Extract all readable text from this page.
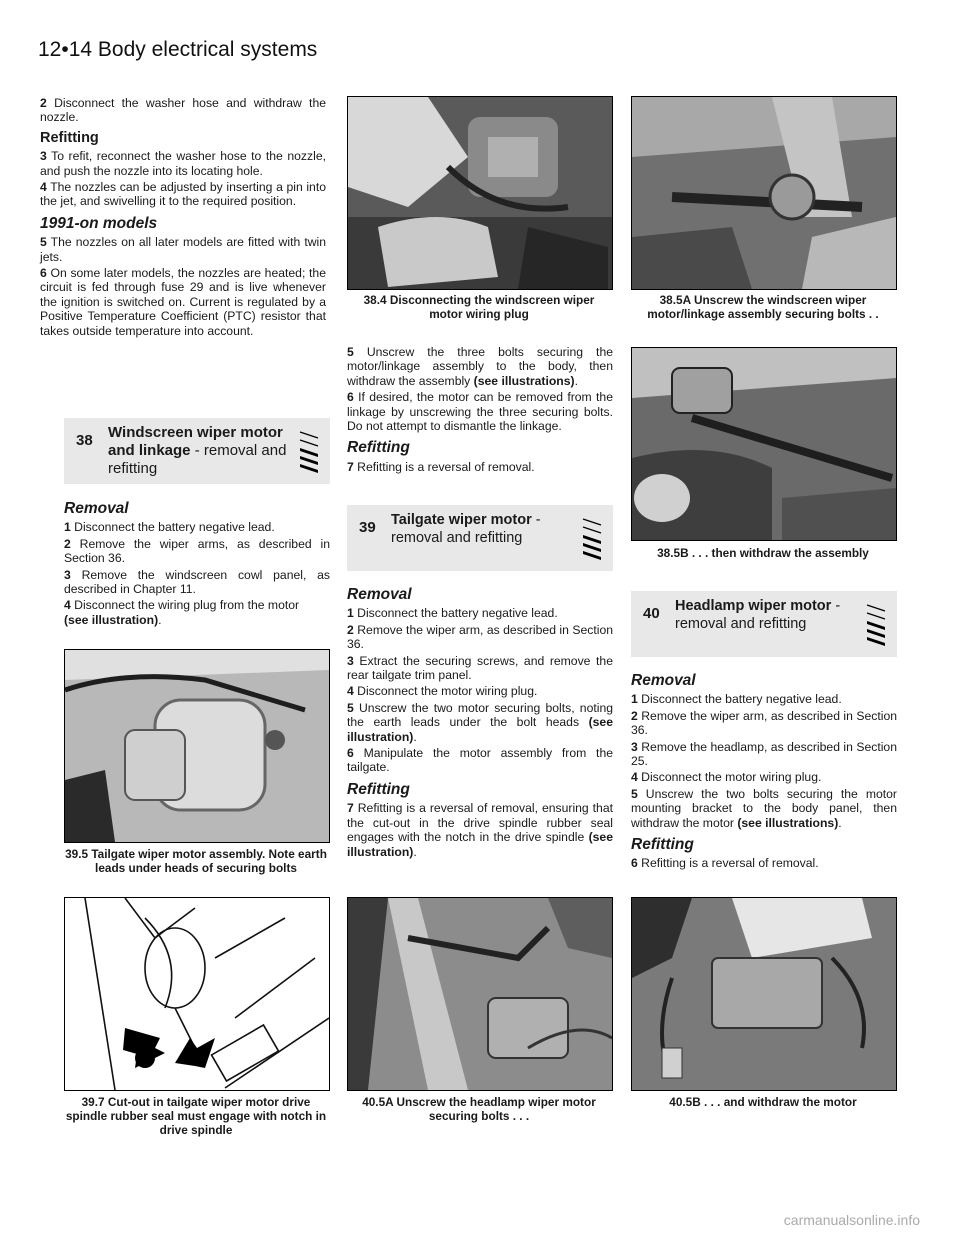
12•14 Body electrical systems

2 Disconnect the washer hose and withdraw the nozzle.

Refitting

3 To refit, reconnect the washer hose to the nozzle, and push the nozzle into its locating hole.

4 The nozzles can be adjusted by inserting a pin into the jet, and swivelling it to the required position.

1991-on models

5 The nozzles on all later models are fitted with twin jets.

6 On some later models, the nozzles are heated; the circuit is fed through fuse 29 and is live whenever the ignition is switched on. Current is regulated by a Positive Temperature Coefficient (PTC) resistor that takes outside temperature into account.

38 Windscreen wiper motor and linkage - removal and refitting
Removal

1 Disconnect the battery negative lead.

2 Remove the wiper arms, as described in Section 36.

3 Remove the windscreen cowl panel, as described in Chapter 11.

4 Disconnect the wiring plug from the motor
(see illustration).

38.4 Disconnecting the windscreen wiper motor wiring plug
38.5A Unscrew the windscreen wiper motor/linkage assembly securing bolts . .

5 Unscrew the three bolts securing the motor/linkage assembly to the body, then withdraw the assembly (see illustrations).

6 If desired, the motor can be removed from the linkage by unscrewing the three securing bolts. Do not attempt to dismantle the linkage.

Refitting

7 Refitting is a reversal of removal.

39 Tailgate wiper motor - removal and refitting
Removal

1 Disconnect the battery negative lead.

2 Remove the wiper arm, as described in Section 36.

3 Extract the securing screws, and remove the rear tailgate trim panel.

4 Disconnect the motor wiring plug.

5 Unscrew the two motor securing bolts, noting the earth leads under the bolt heads (see illustration).

6 Manipulate the motor assembly from the tailgate.

Refitting

7 Refitting is a reversal of removal, ensuring that the cut-out in the drive spindle rubber seal engages with the notch in the drive spindle (see illustration).

38.5B . . . then withdraw the assembly
40 Headlamp wiper motor - removal and refitting
Removal

1 Disconnect the battery negative lead.

2 Remove the wiper arm, as described in Section 36.

3 Remove the headlamp, as described in Section 25.

4 Disconnect the motor wiring plug.

5 Unscrew the two bolts securing the motor mounting bracket to the body panel, then withdraw the motor (see illustrations).

Refitting

6 Refitting is a reversal of removal.

39.5 Tailgate wiper motor assembly. Note earth leads under heads of securing bolts
39.7 Cut-out in tailgate wiper motor drive spindle rubber seal must engage with notch in drive spindle
40.5A Unscrew the headlamp wiper motor securing bolts . . .
40.5B . . . and withdraw the motor
carmanualsonline.info
